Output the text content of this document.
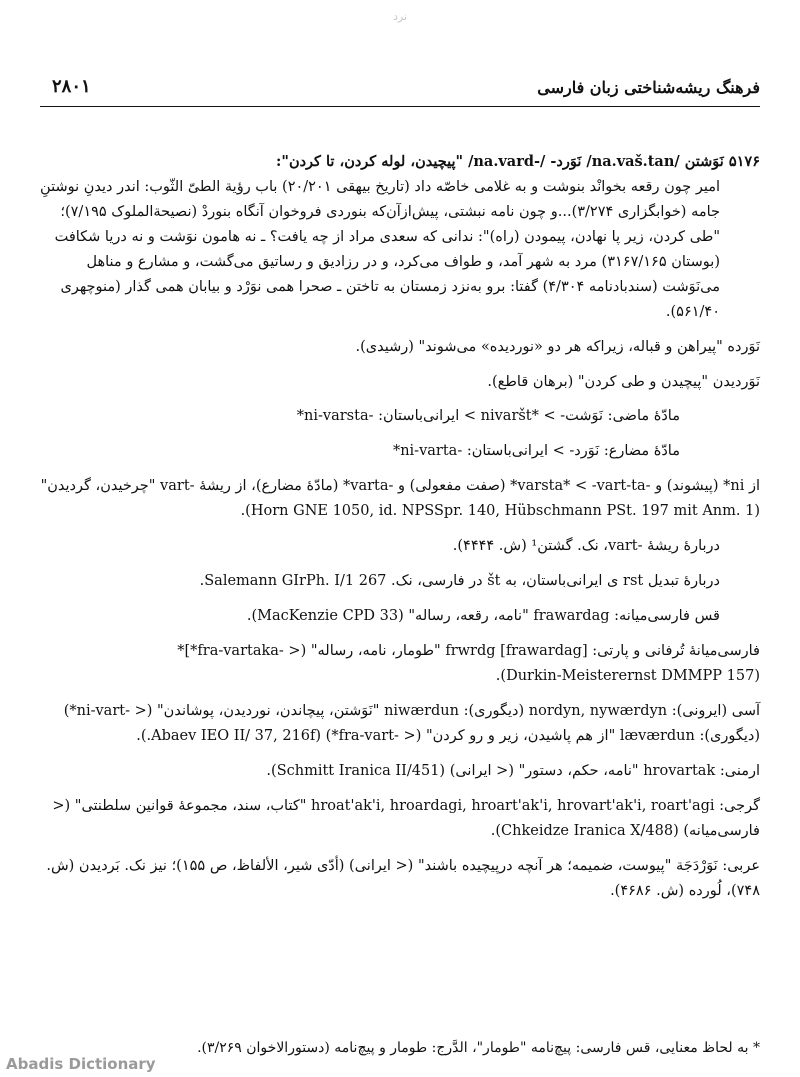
نرد
فرهنگ ریشه‌شناختی زبان فارسی
۲۸۰۱

۵۱۷۶ نَوَشتن /na.vaš.tan/ نَوَرد- /-na.vard/ "پیچیدن، لوله کردن، تا کردن":

امیر چون رقعه بخوانْد بنوشت و به غلامی خاصّه داد (تاریخ بیهقی ۲۰/۲۰۱) باب رؤیة الطیّ الثّوب: اندر دیدنِ نوشتنِ جامه (خوابگزاری ۳/۲۷۴)...و چون نامه نبشتی، پیش‌ازآن‌که بنوردی فروخوان آنگاه بنوردْ (نصیحة‌الملوک ۷/۱۹۵)؛ "طی کردن، زیر پا نهادن، پیمودن (راه)": ندانی که سعدی مراد از چه یافت؟ ـ نه هامون نوَشت و نه دریا شکافت (بوستان ۳۱۶۷/۱۶۵) مرد به شهر آمد، و طواف می‌کرد، و در رزادیق و رساتیق می‌گشت، و مشارع و مناهل می‌نَوَشت (سندبادنامه ۴/۳۰۴) گفتا: برو به‌نزد زمستان به تاختن ـ صحرا همی نوَرْد و بیابان همی گذار (منوچهری ۵۶۱/۴۰).

نَوَرده "پیراهن و قباله، زیراکه هر دو «نوردیده» می‌شوند" (رشیدی).

نَوَردیدن "پیچیدن و طی کردن" (برهان قاطع).

مادّهٔ ماضی: نَوَشت- > *nivaršt > ایرانی‌باستان: -ni-varsta*

مادّهٔ مضارع: نَوَرد- > ایرانی‌باستان: -ni-varta*

از ni* (پیشوند) و -varsta* < -vart-ta* (صفت مفعولی) و -varta* (مادّهٔ مضارع)، از ریشهٔ -vart "چرخیدن، گردیدن" (Horn GNE 1050, id. NPSSpr. 140, Hübschmann PSt. 197 mit Anm. 1).

دربارهٔ ریشهٔ -vart، نک. گشتن¹ (ش. ۴۴۴۴).

دربارهٔ تبدیل rst ی ایرانی‌باستان، به št در فارسی، نک. Salemann GIrPh. I/1 267.

قس فارسی‌میانه: frawardag "نامه، رقعه، رساله" (MacKenzie CPD 33).

فارسی‌میانهٔ تُرفانی و پارتی: frwrdg [frawardag] "طومار، نامه، رساله" (< -fra-vartaka*]*

(Durkin-Meisterernst DMMPP 157).

آسی (ایرونی): nordyn, nywærdyn (دیگوری): niwærdun "نَوَشتن، پیچاندن، نوردیدن، پوشاندن" (< -ni-vart*) (دیگوری): læværdun "از هم پاشیدن، زیر و رو کردن" (< -fra-vart*) (Abaev IEO II/ 37, 216f.).

ارمنی: hrovartak "نامه، حکم، دستور" (< ایرانی) (Schmitt Iranica II/451).

گرجی: hroat'ak'i, hroardagi, hroart'ak'i, hrovart'ak'i, roart'agi "کتاب، سند، مجموعهٔ قوانین سلطنتی" (< فارسی‌میانه) (Chkeidze Iranica X/488).

عربی: نَوَرْدَجَة "پیوست، ضمیمه؛ هر آنچه درپیچیده باشند" (< ایرانی) (أدّی شیر، الألفاظ، ص ۱۵۵)؛ نیز نک. بَردیدن (ش. ۷۴۸)، لُورده (ش. ۴۶۸۶).

* به لحاظ معنایی، قس فارسی: پیچ‌نامه "طومار"، الدَّرج: طومار و پیچ‌نامه (دستورالاخوان ۳/۲۶۹).
Abadis Dictionary
